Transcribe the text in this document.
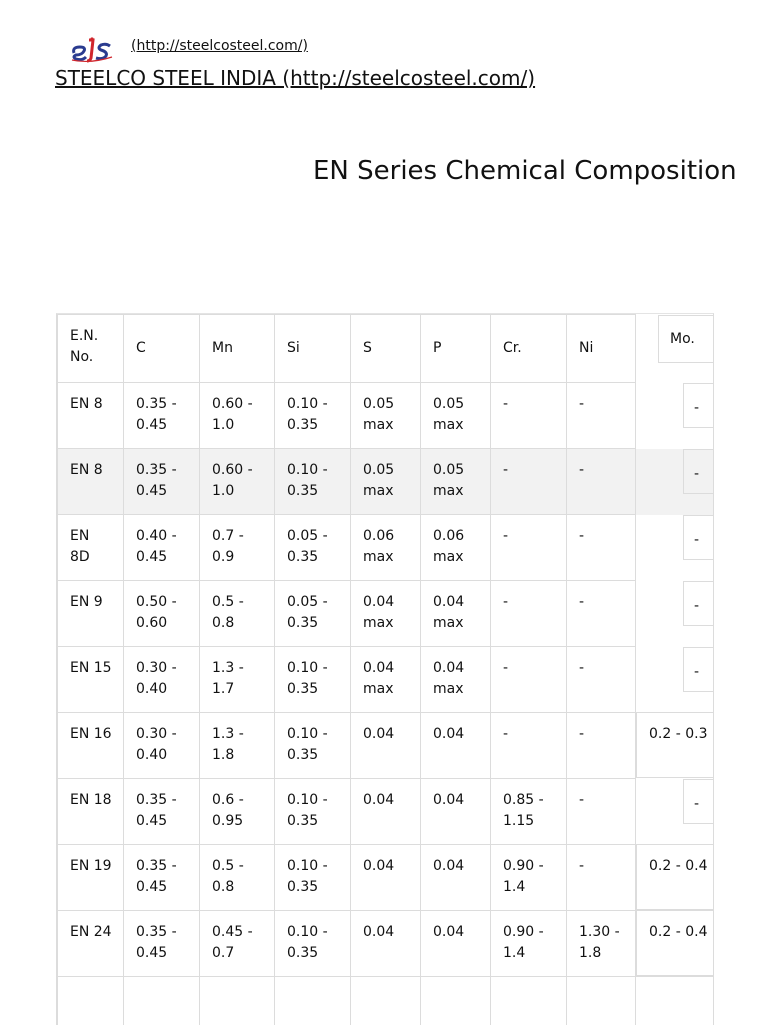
(http://steelcosteel.com/)
STEELCO STEEL INDIA (http://steelcosteel.com/)
EN Series Chemical Composition
E.N. No.	C	Mn	Si	S	P	Cr.	Ni	Mo.

EN 8	0.35 - 0.45	0.60 - 1.0	0.10 - 0.35	0.05 max	0.05 max	-	-	-

EN 8	0.35 - 0.45	0.60 - 1.0	0.10 - 0.35	0.05 max	0.05 max	-	-	-

EN 8D	0.40 - 0.45	0.7 - 0.9	0.05 - 0.35	0.06 max	0.06 max	-	-	-

EN 9	0.50 - 0.60	0.5 - 0.8	0.05 - 0.35	0.04 max	0.04 max	-	-	-

EN 15	0.30 - 0.40	1.3 - 1.7	0.10 - 0.35	0.04 max	0.04 max	-	-	-

EN 16	0.30 - 0.40	1.3 - 1.8	0.10 - 0.35	0.04	0.04	-	-	0.2 - 0.3

EN 18	0.35 - 0.45	0.6 - 0.95	0.10 - 0.35	0.04	0.04	0.85 - 1.15	-	-

EN 19	0.35 - 0.45	0.5 - 0.8	0.10 - 0.35	0.04	0.04	0.90 - 1.4	-	0.2 - 0.4

EN 24	0.35 - 0.45	0.45 - 0.7	0.10 - 0.35	0.04	0.04	0.90 - 1.4	1.30 - 1.8	0.2 - 0.4
